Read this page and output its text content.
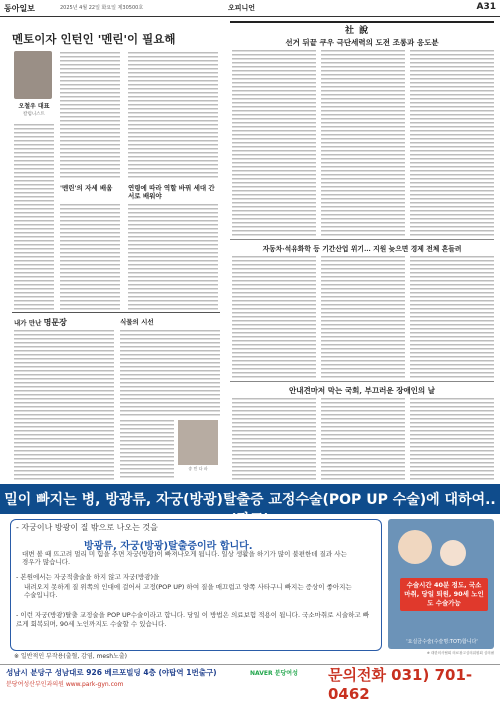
동아일보	2025년 4월 22일 화요일 제30500호	오피니언	A31
멘토이자 인턴인 '멘린'이 필요해
오철우 대표
칼럼니스트
'멘린'의 자세 배움	연령에 따라 역할 바꿔 세대 간 서로 배워야
내가 만난 명문장	식물의 시선
송 민 다 파
社 說
선거 뒤끝 쿠우 극단세력의 도전 조롱과 응도분
자동차·석유화학 등 기간산업 위기… 지원 늦으면 경제 전체 흔들려
안내견마저 막는 국회, 부끄러운 장애인의 날
밀이 빠지는 병, 방광류, 자궁(방광)탈출증 교정수술(POP UP 수술)에 대하여..(광고)
- 자궁이나 방광이 질 밖으로 나오는 것을
방광류, 자궁(방광)탈출증이라 합니다.
대변 볼 때 뜨고려 멀리 미 힘을 주면 자궁(방광)이 빠져나오게 됩니다. 일상 생활을 하기가 많이 불편한데 질과 사는 경우가 많습니다.
- 본원에서는 자궁적출술을 하지 않고 자궁(방광)을
내려오지 못하게 질 위쪽의 인대에 걸어서 고정(POP UP) 하여 질을 매끄럽고 양쪽 사타구니 빠지는 증상이 좋아지는 수술입니다.
- 이런 자궁(방광)탈출 교정술을 POP UP수술이라고 합니다. 당일 이 방법은 의료보험 적용이 됩니다. 국소마취로 시술하고 빠르게 회복되며, 90세 노인까지도 수술할 수 있습니다.
※ 일반적인 부작용(출혈, 감염, mesh노출)
수술시간 40분 정도, 국소 마취, 당일 퇴원, 90세 노인도 수술가능
'요실금수술(수술명:TOT)합니다'
※ 대한의사협회 의료광고심의위원회 심의필
성남시 분당구 성남대로 926 베르포빌딩 4층 (야탑역 1번출구)
분당여성산부인과의원 www.park-gyn.com
NAVER 분당여성 문의전화 031) 701-0462
